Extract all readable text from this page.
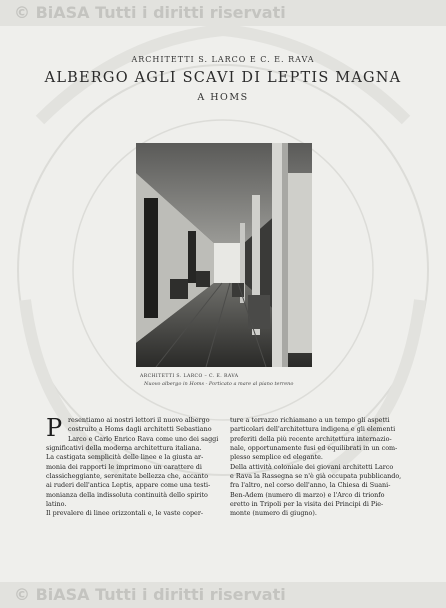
© BiASA Tutti i diritti riservati
ARCHITETTI S. LARCO E C. E. RAVA
ALBERGO AGLI SCAVI DI LEPTIS MAGNA
A HOMS
ARCHITETTI S. LARCO – C. E. RAVA
Nuovo albergo in Homs - Porticato a mare al piano terreno
P resentiamo ai nostri lettori il nuovo albergo
costruito a Homs dagli architetti Sebastiano
Larco e Carlo Enrico Rava come uno dei saggi
significativi della moderna architettura italiana.
La castigata semplicità delle linee e la giusta ar-
monia dei rapporti le imprimono un carattere di
classicheggiante, serenitate bellezza che, accanto
ai ruderi dell'antica Leptis, appare come una testi-
monianza della indissoluta continuità dello spirito
latino.
Il prevalere di linee orizzontali e, le vaste coper-
ture a terrazzo richiamano a un tempo gli aspetti
particolari dell'architettura indigena e gli elementi
preferiti della più recente architettura internazio-
nale, opportunamente fusi ed equilibrati in un com-
plesso semplice ed elegante.
Della attività coloniale dei giovani architetti Larco
e Rava la Rassegna se n'è già occupata pubblicando,
fra l'altro, nel corso dell'anno, la Chiesa di Suani-
Ben-Adem (numero di marzo) e l'Arco di trionfo
eretto in Tripoli per la visita dei Principi di Pie-
monte (numero di giugno).
© BiASA Tutti i diritti riservati
